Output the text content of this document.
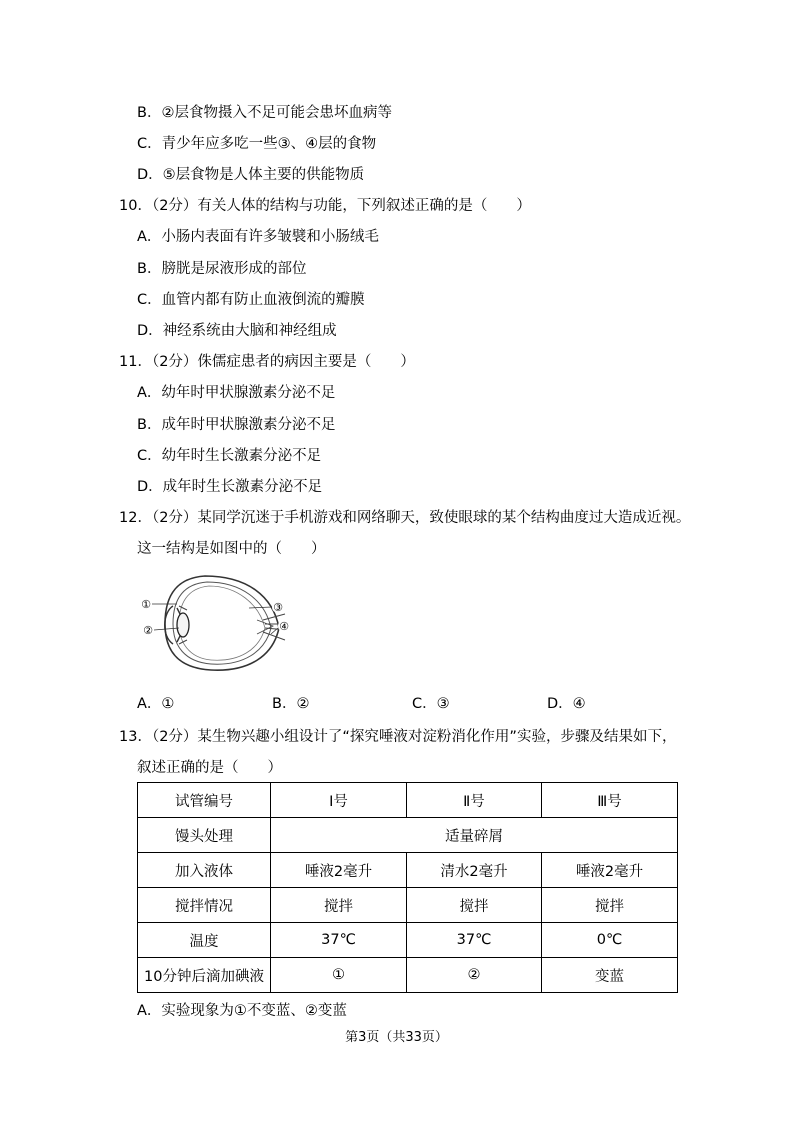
B．②层食物摄入不足可能会患坏血病等
C．青少年应多吃一些③、④层的食物
D．⑤层食物是人体主要的供能物质
10．（2分）有关人体的结构与功能，下列叙述正确的是（　　）
A．小肠内表面有许多皱襞和小肠绒毛
B．膀胱是尿液形成的部位
C．血管内都有防止血液倒流的瓣膜
D．神经系统由大脑和神经组成
11．（2分）侏儒症患者的病因主要是（　　）
A．幼年时甲状腺激素分泌不足
B．成年时甲状腺激素分泌不足
C．幼年时生长激素分泌不足
D．成年时生长激素分泌不足
12．（2分）某同学沉迷于手机游戏和网络聊天，致使眼球的某个结构曲度过大造成近视。
这一结构是如图中的（　　）
①
②
③
④
A．①	B．②	C．③	D．④
13．（2分）某生物兴趣小组设计了“探究唾液对淀粉消化作用”实验，步骤及结果如下，
叙述正确的是（　　）
试管编号	Ⅰ号	Ⅱ号	Ⅲ号
馒头处理	适量碎屑		
加入液体	唾液2毫升	清水2毫升	唾液2毫升
搅拌情况	搅拌	搅拌	搅拌
温度	37℃	37℃	0℃
10分钟后滴加碘液	①	②	变蓝
A．实验现象为①不变蓝、②变蓝
第3页（共33页）
